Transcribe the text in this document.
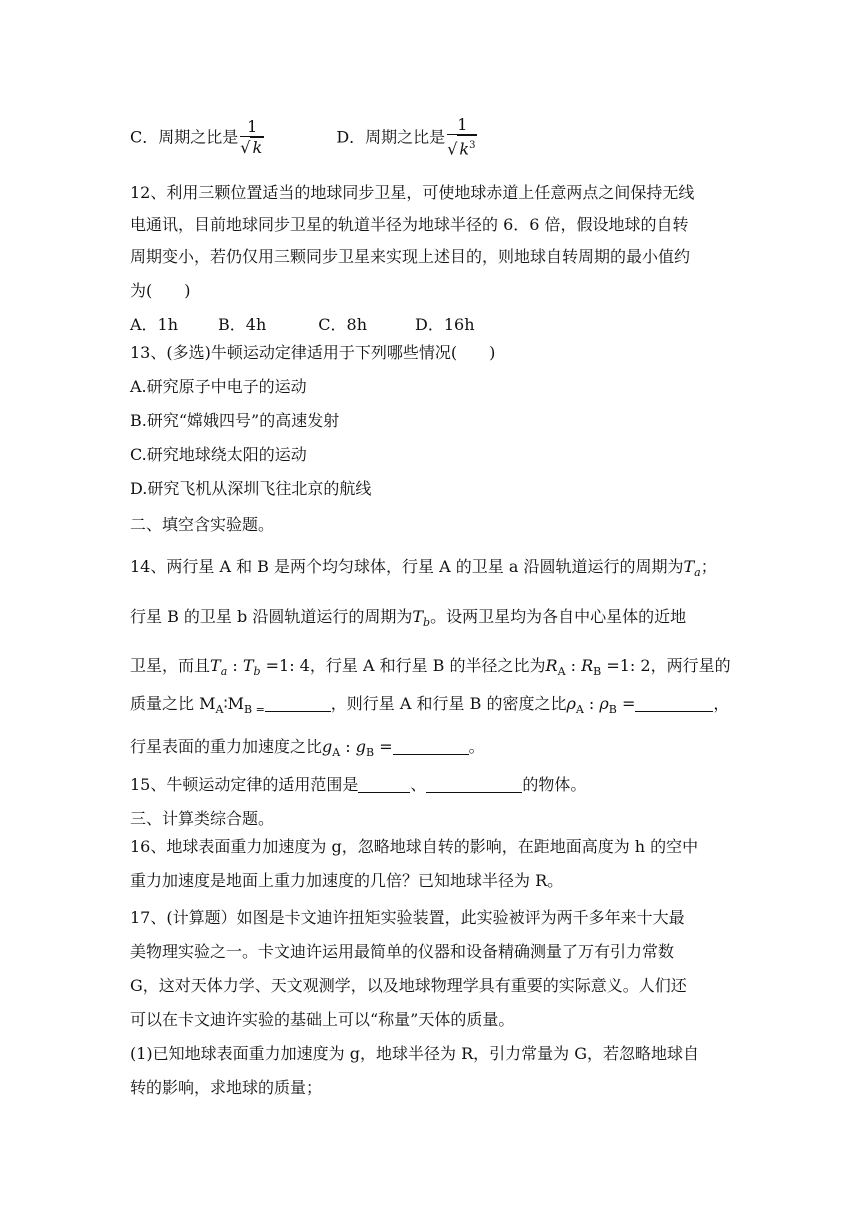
C．周期之比是 $\frac{1}{√ k}$	D．周期之比是 $\frac{1}{√ k^3}$
12、利用三颗位置适当的地球同步卫星，可使地球赤道上任意两点之间保持无线
电通讯，目前地球同步卫星的轨道半径为地球半径的 6．6 倍，假设地球的自转
周期变小，若仍仅用三颗同步卫星来实现上述目的，则地球自转周期的最小值约
为(　　)
A．1h	B．4h	C．8h	D．16h
13、(多选)牛顿运动定律适用于下列哪些情况(　　)
A.研究原子中电子的运动
B.研究“嫦娥四号”的高速发射
C.研究地球绕太阳的运动
D.研究飞机从深圳飞往北京的航线
二、填空含实验题。
14、两行星 A 和 B 是两个均匀球体，行星 A 的卫星 a 沿圆轨道运行的周期为$T_a$；
行星 B 的卫星 b 沿圆轨道运行的周期为$T_b$。设两卫星均为各自中心星体的近地
卫星，而且$T_a$ : $T_b =1$: 4，行星 A 和行星 B 的半径之比为$R_A$ : $R_B =1$: 2，两行星的
质量之比 $M_A∶M_{B =}$	，则行星 A 和行星 B 的密度之比$\rho_A$ : $\rho_B$ =	，
行星表面的重力加速度之比$g_A$ : $g_B$ =	。
15、牛顿运动定律的适用范围是	、	的物体。
三、计算类综合题。
16、地球表面重力加速度为 g，忽略地球自转的影响，在距地面高度为 h 的空中
重力加速度是地面上重力加速度的几倍？已知地球半径为 R。
17、(计算题）如图是卡文迪许扭矩实验装置，此实验被评为两千多年来十大最
美物理实验之一。卡文迪许运用最简单的仪器和设备精确测量了万有引力常数
G，这对天体力学、天文观测学，以及地球物理学具有重要的实际意义。人们还
可以在卡文迪许实验的基础上可以“称量”天体的质量。
(1)已知地球表面重力加速度为 g，地球半径为 R，引力常量为 G，若忽略地球自
转的影响，求地球的质量；
